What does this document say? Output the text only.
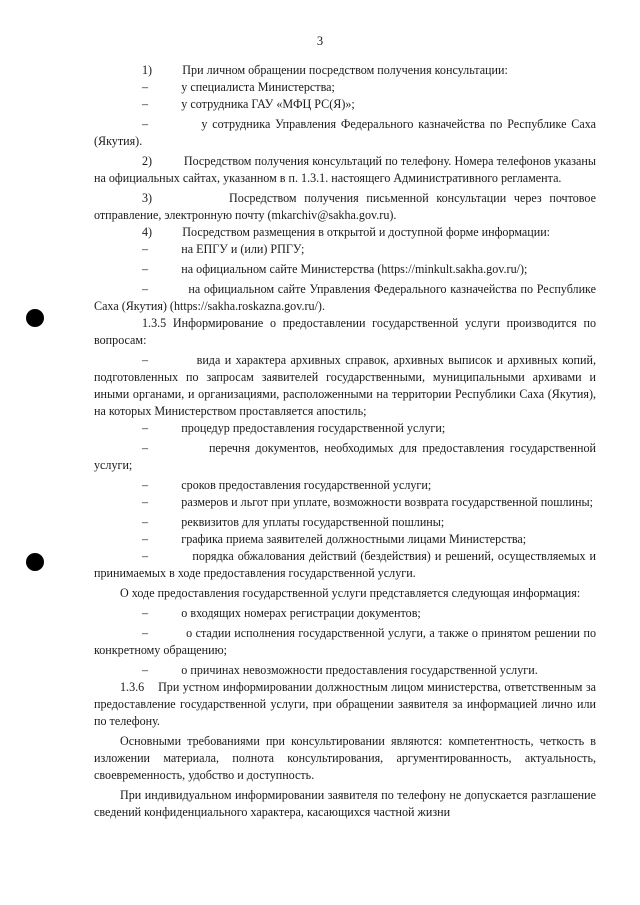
3

1)          При личном обращении посредством получения консультации:

–           у специалиста Министерства;

–           у сотрудника ГАУ «МФЦ РС(Я)»;

–           у сотрудника Управления Федерального казначейства по Республике Саха (Якутия).

2)          Посредством получения консультаций по телефону. Номера телефонов указаны на официальных сайтах, указанном в п. 1.3.1. настоящего Административного регламента.

3)          Посредством получения письменной консультации через почтовое отправление, электронную почту (mkarchiv@sakha.gov.ru).

4)          Посредством размещения в открытой и доступной форме информации:

–           на ЕПГУ и (или) РПГУ;

–           на официальном сайте Министерства (https://minkult.sakha.gov.ru/);

–           на официальном сайте Управления Федерального казначейства по Республике Саха (Якутия) (https://sakha.roskazna.gov.ru/).

1.3.5 Информирование о предоставлении государственной услуги производится по вопросам:

–           вида и характера архивных справок, архивных выписок и архивных копий, подготовленных по запросам заявителей государственными, муниципальными архивами и иными органами, и организациями, расположенными на территории Республики Саха (Якутия), на которых Министерством проставляется апостиль;

–           процедур предоставления государственной услуги;

–           перечня документов, необходимых для предоставления государственной услуги;

–           сроков предоставления государственной услуги;

–           размеров и льгот при уплате, возможности возврата государственной пошлины;

–           реквизитов для уплаты государственной пошлины;

–           графика приема заявителей должностными лицами Министерства;

–           порядка обжалования действий (бездействия) и решений, осуществляемых и принимаемых в ходе предоставления государственной услуги.

О ходе предоставления государственной услуги представляется следующая информация:

–           о входящих номерах регистрации документов;

–           о стадии исполнения государственной услуги, а также о принятом решении по конкретному обращению;

–           о причинах невозможности предоставления государственной услуги.

1.3.6    При устном информировании должностным лицом министерства, ответственным за предоставление государственной услуги, при обращении заявителя за информацией лично или по телефону.

Основными требованиями при консультировании являются: компетентность, четкость в изложении материала, полнота консультирования, аргументированность, актуальность, своевременность, удобство и доступность.

При индивидуальном информировании заявителя по телефону не допускается разглашение сведений конфиденциального характера, касающихся частной жизни
